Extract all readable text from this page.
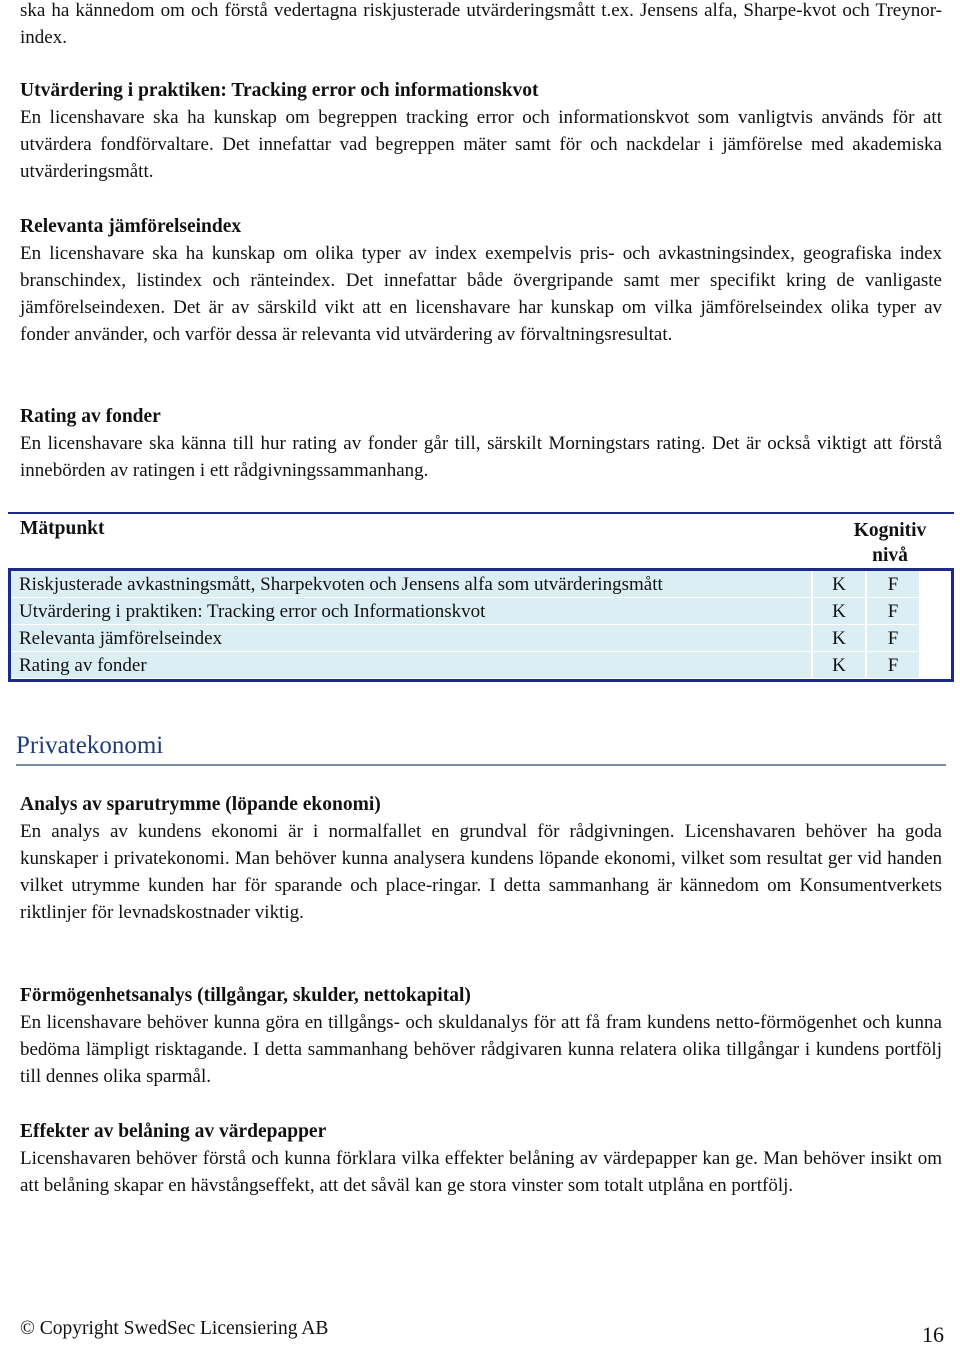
ska ha kännedom om och förstå vedertagna riskjusterade utvärderingsmått t.ex. Jensens alfa, Sharpe-kvot och Treynor-index.

Utvärdering i praktiken: Tracking error och informationskvot

En licenshavare ska ha kunskap om begreppen tracking error och informationskvot som vanligtvis används för att utvärdera fondförvaltare. Det innefattar vad begreppen mäter samt för och nackdelar i jämförelse med akademiska utvärderingsmått.

Relevanta jämförelseindex

En licenshavare ska ha kunskap om olika typer av index exempelvis pris- och avkastningsindex, geografiska index branschindex, listindex och ränteindex. Det innefattar både övergripande samt mer specifikt kring de vanligaste jämförelseindexen. Det är av särskild vikt att en licenshavare har kunskap om vilka jämförelseindex olika typer av fonder använder, och varför dessa är relevanta vid utvärdering av förvaltningsresultat.

Rating av fonder

En licenshavare ska känna till hur rating av fonder går till, särskilt Morningstars rating. Det är också viktigt att förstå innebörden av ratingen i ett rådgivningssammanhang.

Mätpunkt	Kognitiv
nivå
Riskjusterade avkastningsmått, Sharpekvoten och Jensens alfa som utvärderingsmått	K	F
Utvärdering i praktiken: Tracking error och Informationskvot	K	F
Relevanta jämförelseindex	K	F
Rating av fonder	K	F
Privatekonomi

Analys av sparutrymme (löpande ekonomi)

En analys av kundens ekonomi är i normalfallet en grundval för rådgivningen. Licenshavaren behöver ha goda kunskaper i privatekonomi. Man behöver kunna analysera kundens löpande ekonomi, vilket som resultat ger vid handen vilket utrymme kunden har för sparande och place-ringar. I detta sammanhang är kännedom om Konsumentverkets riktlinjer för levnadskostnader viktig.

Förmögenhetsanalys (tillgångar, skulder, nettokapital)

En licenshavare behöver kunna göra en tillgångs- och skuldanalys för att få fram kundens netto-förmögenhet och kunna bedöma lämpligt risktagande. I detta sammanhang behöver rådgivaren kunna relatera olika tillgångar i kundens portfölj till dennes olika sparmål.

Effekter av belåning av värdepapper

Licenshavaren behöver förstå och kunna förklara vilka effekter belåning av värdepapper kan ge. Man behöver insikt om att belåning skapar en hävstångseffekt, att det såväl kan ge stora vinster som totalt utplåna en portfölj.

© Copyright SwedSec Licensiering AB	16
